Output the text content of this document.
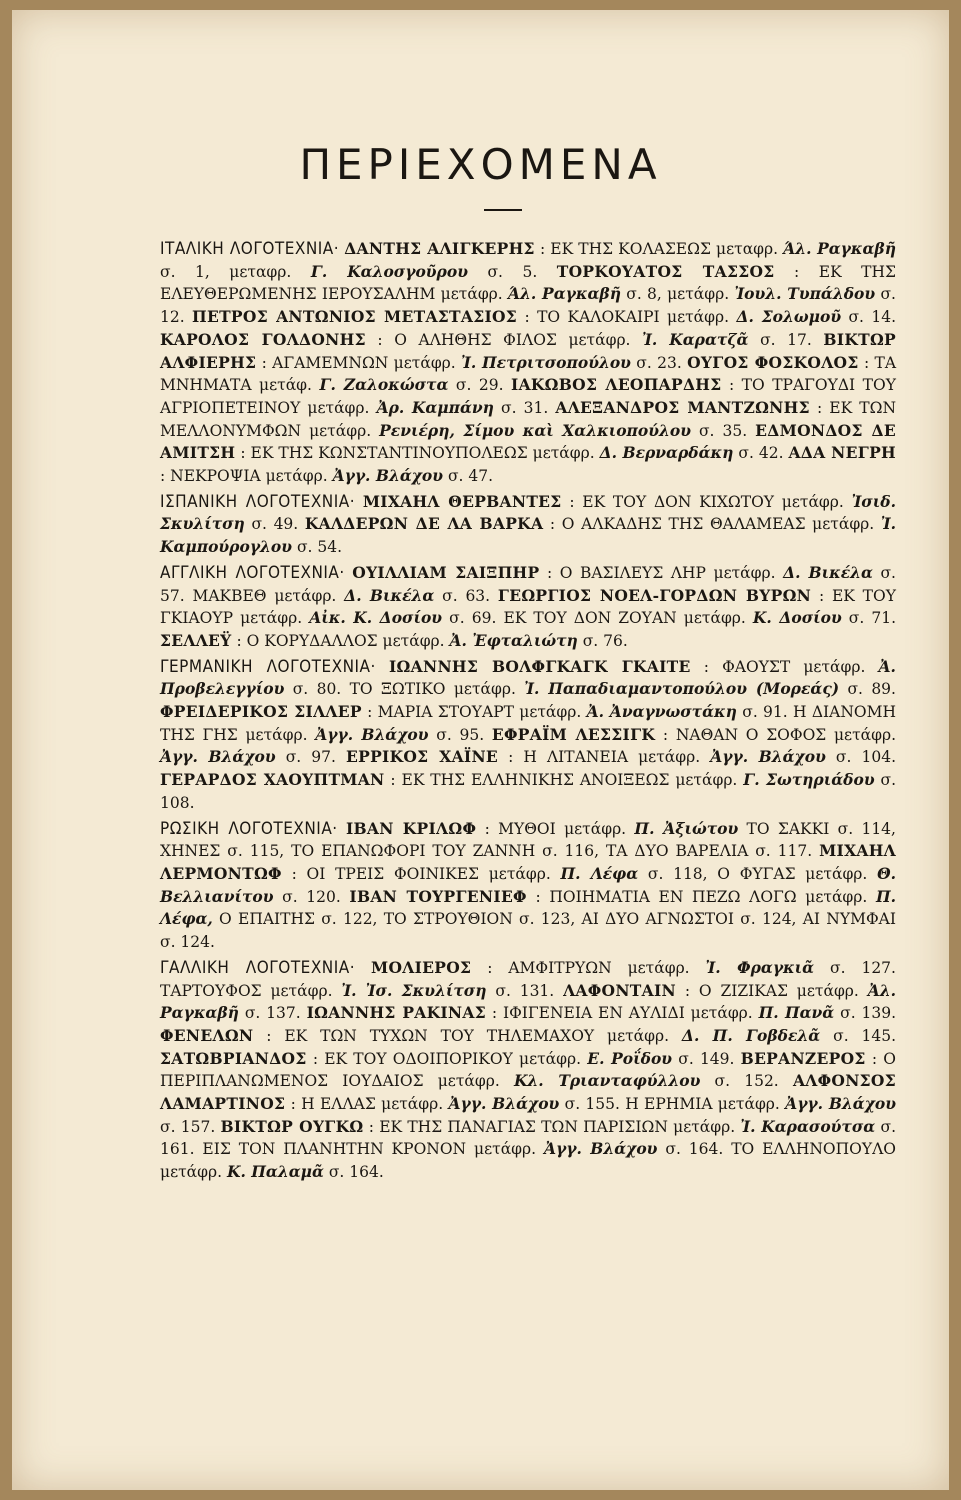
ΠΕΡΙΕΧΟΜΕΝΑ

ΙΤΑΛΙΚΗ ΛΟΓΟΤΕΧΝΙΑ· ΔΑΝΤΗΣ ΑΛΙΓΚΕΡΗΣ : ΕΚ ΤΗΣ ΚΟΛΑΣΕΩΣ μεταφρ. Άλ. Ραγκαβῆ σ. 1, μεταφρ. Γ. Καλοσγοῦρου σ. 5. ΤΟΡΚΟΥΑΤΟΣ ΤΑΣΣΟΣ : ΕΚ ΤΗΣ ΕΛΕΥΘΕΡΩΜΕΝΗΣ ΙΕΡΟΥΣΑΛΗΜ μετάφρ. Άλ. Ραγκαβῆ σ. 8, μετάφρ. Ἰουλ. Τυπάλδου σ. 12. ΠΕΤΡΟΣ ΑΝΤΩΝΙΟΣ ΜΕΤΑΣΤΑΣΙΟΣ : ΤΟ ΚΑΛΟΚΑΙΡΙ μετάφρ. Δ. Σολωμοῦ σ. 14. ΚΑΡΟΛΟΣ ΓΟΛΔΟΝΗΣ : Ο ΑΛΗΘΗΣ ΦΙΛΟΣ μετάφρ. Ἰ. Καρατζᾶ σ. 17. ΒΙΚΤΩΡ ΑΛΦΙΕΡΗΣ : ΑΓΑΜΕΜΝΩΝ μετάφρ. Ἰ. Πετριτσοπούλου σ. 23. ΟΥΓΟΣ ΦΟΣΚΟΛΟΣ : ΤΑ ΜΝΗΜΑΤΑ μετάφ. Γ. Ζαλοκώστα σ. 29. ΙΑΚΩΒΟΣ ΛΕΟΠΑΡΔΗΣ : ΤΟ ΤΡΑΓΟΥΔΙ ΤΟΥ ΑΓΡΙΟΠΕΤΕΙΝΟΥ μετάφρ. Ἀρ. Καμπάνη σ. 31. ΑΛΕΞΑΝΔΡΟΣ ΜΑΝΤΖΩΝΗΣ : ΕΚ ΤΩΝ ΜΕΛΛΟΝΥΜΦΩΝ μετάφρ. Ρενιέρη, Σίμου καὶ Χαλκιοπούλου σ. 35. ΕΔΜΟΝΔΟΣ ΔΕ ΑΜΙΤΣΗ : ΕΚ ΤΗΣ ΚΩΝΣΤΑΝΤΙΝΟΥΠΟΛΕΩΣ μετάφρ. Δ. Βερναρδάκη σ. 42. ΑΔΑ ΝΕΓΡΗ : ΝΕΚΡΟΨΙΑ μετάφρ. Ἀγγ. Βλάχου σ. 47.

ΙΣΠΑΝΙΚΗ ΛΟΓΟΤΕΧΝΙΑ· ΜΙΧΑΗΛ ΘΕΡΒΑΝΤΕΣ : ΕΚ ΤΟΥ ΔΟΝ ΚΙΧΩΤΟΥ μετάφρ. Ἰσιδ. Σκυλίτση σ. 49. ΚΑΛΔΕΡΩΝ ΔΕ ΛΑ ΒΑΡΚΑ : Ο ΑΛΚΑΔΗΣ ΤΗΣ ΘΑΛΑΜΕΑΣ μετάφρ. Ἰ. Καμπούρογλου σ. 54.

ΑΓΓΛΙΚΗ ΛΟΓΟΤΕΧΝΙΑ· ΟΥΙΛΛΙΑΜ ΣΑΙΞΠΗΡ : Ο ΒΑΣΙΛΕΥΣ ΛΗΡ μετάφρ. Δ. Βικέλα σ. 57. ΜΑΚΒΕΘ μετάφρ. Δ. Βικέλα σ. 63. ΓΕΩΡΓΙΟΣ ΝΟΕΛ-ΓΟΡΔΩΝ ΒΥΡΩΝ : ΕΚ ΤΟΥ ΓΚΙΑΟΥΡ μετάφρ. Αἰκ. Κ. Δοσίου σ. 69. ΕΚ ΤΟΥ ΔΟΝ ΖΟΥΑΝ μετάφρ. Κ. Δοσίου σ. 71. ΣΕΛΛΕΫ : Ο ΚΟΡΥΔΑΛΛΟΣ μετάφρ. Ἀ. Ἐφταλιώτη σ. 76.

ΓΕΡΜΑΝΙΚΗ ΛΟΓΟΤΕΧΝΙΑ· ΙΩΑΝΝΗΣ ΒΟΛΦΓΚΑΓΚ ΓΚΑΙΤΕ : ΦΑΟΥΣΤ μετάφρ. Ἀ. Προβελεγγίου σ. 80. ΤΟ ΞΩΤΙΚΟ μετάφρ. Ἰ. Παπαδιαμαντοπούλου (Μορεάς) σ. 89. ΦΡΕΙΔΕΡΙΚΟΣ ΣΙΛΛΕΡ : ΜΑΡΙΑ ΣΤΟΥΑΡΤ μετάφρ. Ἀ. Ἀναγνωστάκη σ. 91. Η ΔΙΑΝΟΜΗ ΤΗΣ ΓΗΣ μετάφρ. Ἀγγ. Βλάχου σ. 95. ΕΦΡΑΪΜ ΛΕΣΣΙΓΚ : ΝΑΘΑΝ Ο ΣΟΦΟΣ μετάφρ. Ἀγγ. Βλάχου σ. 97. ΕΡΡΙΚΟΣ ΧΑΪΝΕ : Η ΛΙΤΑΝΕΙΑ μετάφρ. Ἀγγ. Βλάχου σ. 104. ΓΕΡΑΡΔΟΣ ΧΑΟΥΠΤΜΑΝ : ΕΚ ΤΗΣ ΕΛΛΗΝΙΚΗΣ ΑΝΟΙΞΕΩΣ μετάφρ. Γ. Σωτηριάδου σ. 108.

ΡΩΣΙΚΗ ΛΟΓΟΤΕΧΝΙΑ· ΙΒΑΝ ΚΡΙΛΩΦ : ΜΥΘΟΙ μετάφρ. Π. Ἀξιώτου ΤΟ ΣΑΚΚΙ σ. 114, ΧΗΝΕΣ σ. 115, ΤΟ ΕΠΑΝΩΦΟΡΙ ΤΟΥ ΖΑΝΝΗ σ. 116, ΤΑ ΔΥΟ ΒΑΡΕΛΙΑ σ. 117. ΜΙΧΑΗΛ ΛΕΡΜΟΝΤΩΦ : ΟΙ ΤΡΕΙΣ ΦΟΙΝΙΚΕΣ μετάφρ. Π. Λέφα σ. 118, Ο ΦΥΓΑΣ μετάφρ. Θ. Βελλιανίτου σ. 120. ΙΒΑΝ ΤΟΥΡΓΕΝΙΕΦ : ΠΟΙΗΜΑΤΙΑ ΕΝ ΠΕΖΩ ΛΟΓΩ μετάφρ. Π. Λέφα, Ο ΕΠΑΙΤΗΣ σ. 122, ΤΟ ΣΤΡΟΥΘΙΟΝ σ. 123, ΑΙ ΔΥΟ ΑΓΝΩΣΤΟΙ σ. 124, ΑΙ ΝΥΜΦΑΙ σ. 124.

ΓΑΛΛΙΚΗ ΛΟΓΟΤΕΧΝΙΑ· ΜΟΛΙΕΡΟΣ : ΑΜΦΙΤΡΥΩΝ μετάφρ. Ἰ. Φραγκιᾶ σ. 127. ΤΑΡΤΟΥΦΟΣ μετάφρ. Ἰ. Ἰσ. Σκυλίτση σ. 131. ΛΑΦΟΝΤΑΙΝ : Ο ΖΙΖΙΚΑΣ μετάφρ. Ἀλ. Ραγκαβῆ σ. 137. ΙΩΑΝΝΗΣ ΡΑΚΙΝΑΣ : ΙΦΙΓΕΝΕΙΑ ΕΝ ΑΥΛΙΔΙ μετάφρ. Π. Πανᾶ σ. 139. ΦΕΝΕΛΩΝ : ΕΚ ΤΩΝ ΤΥΧΩΝ ΤΟΥ ΤΗΛΕΜΑΧΟΥ μετάφρ. Δ. Π. Γοβδελᾶ σ. 145. ΣΑΤΩΒΡΙΑΝΔΟΣ : ΕΚ ΤΟΥ ΟΔΟΙΠΟΡΙΚΟΥ μετάφρ. Ε. Ροΐδου σ. 149. ΒΕΡΑΝΖΕΡΟΣ : Ο ΠΕΡΙΠΛΑΝΩΜΕΝΟΣ ΙΟΥΔΑΙΟΣ μετάφρ. Κλ. Τριανταφύλλου σ. 152. ΑΛΦΟΝΣΟΣ ΛΑΜΑΡΤΙΝΟΣ : Η ΕΛΛΑΣ μετάφρ. Ἀγγ. Βλάχου σ. 155. Η ΕΡΗΜΙΑ μετάφρ. Ἀγγ. Βλάχου σ. 157. ΒΙΚΤΩΡ ΟΥΓΚΩ : ΕΚ ΤΗΣ ΠΑΝΑΓΙΑΣ ΤΩΝ ΠΑΡΙΣΙΩΝ μετάφρ. Ἰ. Καρασούτσα σ. 161. ΕΙΣ ΤΟΝ ΠΛΑΝΗΤΗΝ ΚΡΟΝΟΝ μετάφρ. Ἀγγ. Βλάχου σ. 164. ΤΟ ΕΛΛΗΝΟΠΟΥΛΟ μετάφρ. Κ. Παλαμᾶ σ. 164.
